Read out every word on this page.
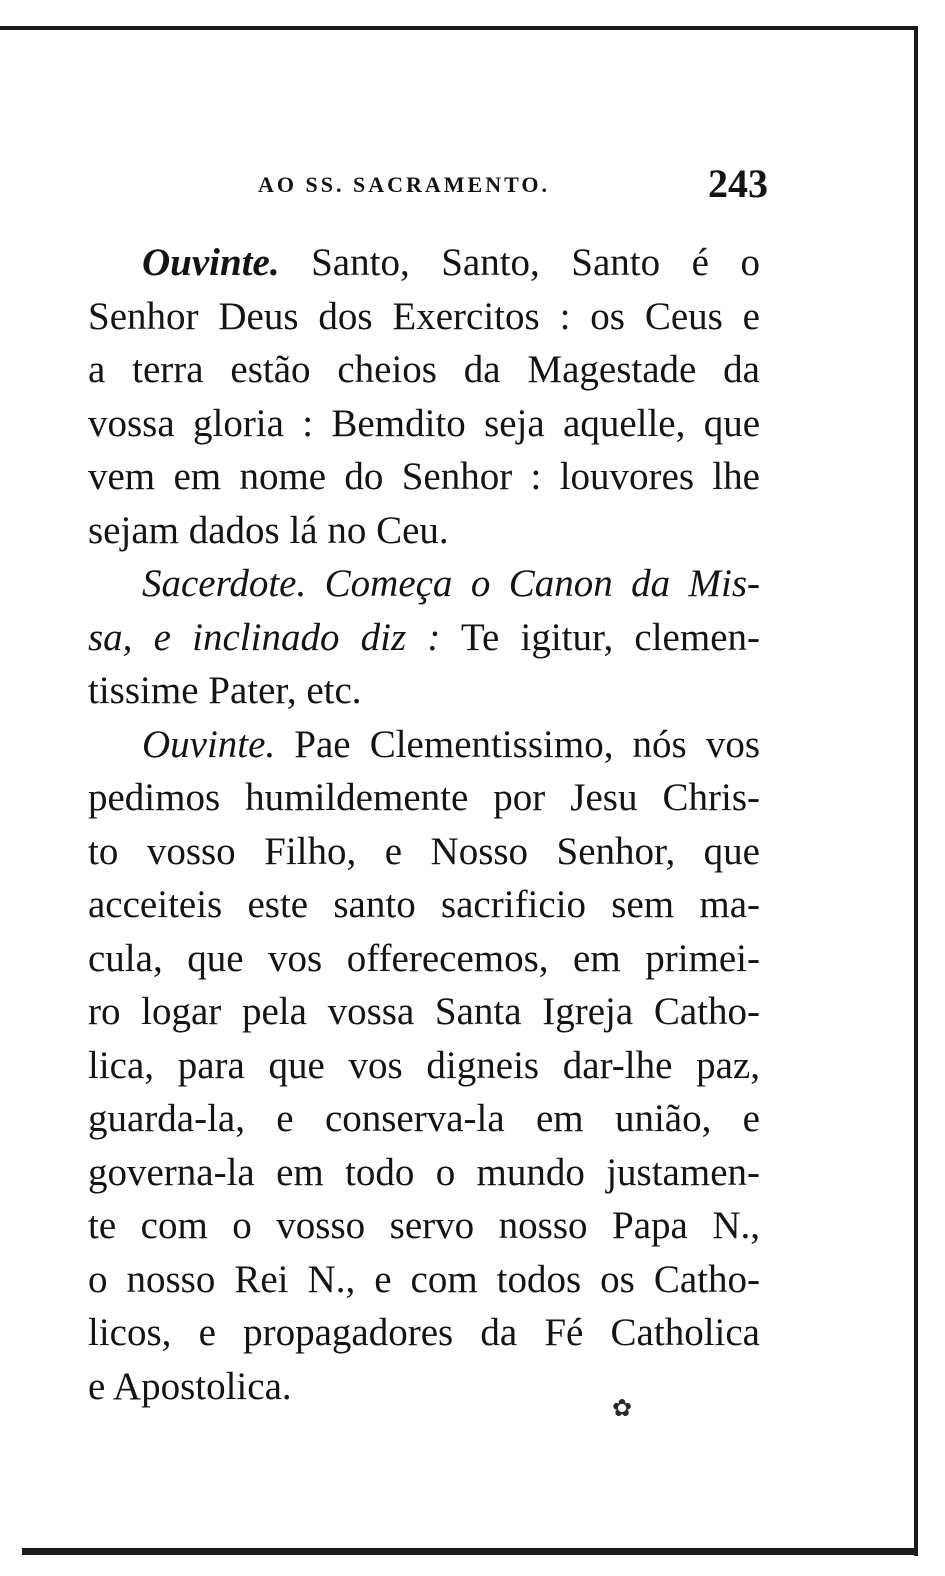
AO SS. SACRAMENTO.	243
Ouvinte. Santo, Santo, Santo é o
Senhor Deus dos Exercitos : os Ceus e
a terra estão cheios da Magestade da
vossa gloria : Bemdito seja aquelle, que
vem em nome do Senhor : louvores lhe
sejam dados lá no Ceu.
Sacerdote. Começa o Canon da Mis-
sa, e inclinado diz : Te igitur, clemen-
tissime Pater, etc.
Ouvinte. Pae Clementissimo, nós vos
pedimos humildemente por Jesu Chris-
to vosso Filho, e Nosso Senhor, que
acceiteis este santo sacrificio sem ma-
cula, que vos offerecemos, em primei-
ro logar pela vossa Santa Igreja Catho-
lica, para que vos digneis dar-lhe paz,
guarda-la, e conserva-la em união, e
governa-la em todo o mundo justamen-
te com o vosso servo nosso Papa N.,
o nosso Rei N., e com todos os Catho-
licos, e propagadores da Fé Catholica
e Apostolica.
✿
